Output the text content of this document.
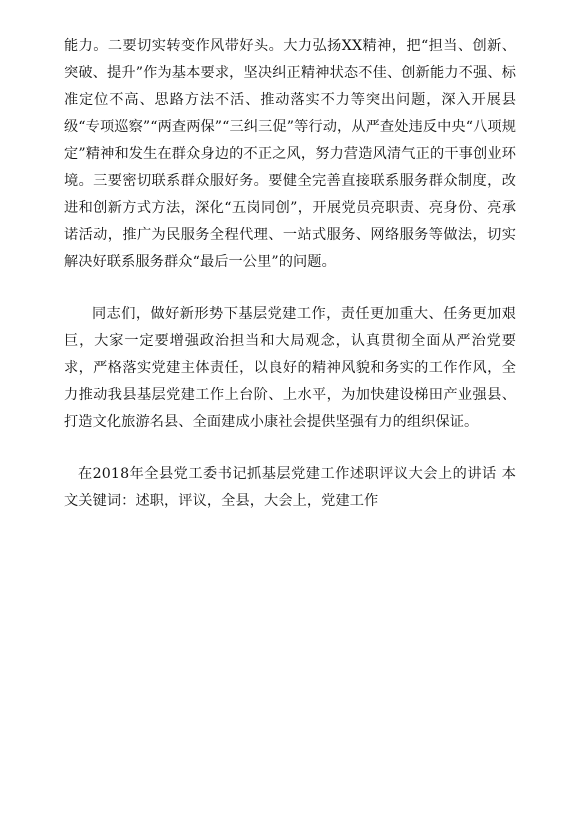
能力。二要切实转变作风带好头。大力弘扬XX精神，把“担当、创新、突破、提升”作为基本要求，坚决纠正精神状态不佳、创新能力不强、标准定位不高、思路方法不活、推动落实不力等突出问题，深入开展县级“专项巡察”“两查两保”“三纠三促”等行动，从严查处违反中央“八项规定”精神和发生在群众身边的不正之风，努力营造风清气正的干事创业环境。三要密切联系群众服好务。要健全完善直接联系服务群众制度，改进和创新方式方法，深化“五岗同创”，开展党员亮职责、亮身份、亮承诺活动，推广为民服务全程代理、一站式服务、网络服务等做法，切实解决好联系服务群众“最后一公里”的问题。

同志们，做好新形势下基层党建工作，责任更加重大、任务更加艰巨，大家一定要增强政治担当和大局观念，认真贯彻全面从严治党要求，严格落实党建主体责任，以良好的精神风貌和务实的工作作风，全力推动我县基层党建工作上台阶、上水平，为加快建设梯田产业强县、打造文化旅游名县、全面建成小康社会提供坚强有力的组织保证。

在2018年全县党工委书记抓基层党建工作述职评议大会上的讲话 本文关键词：述职，评议，全县，大会上，党建工作
